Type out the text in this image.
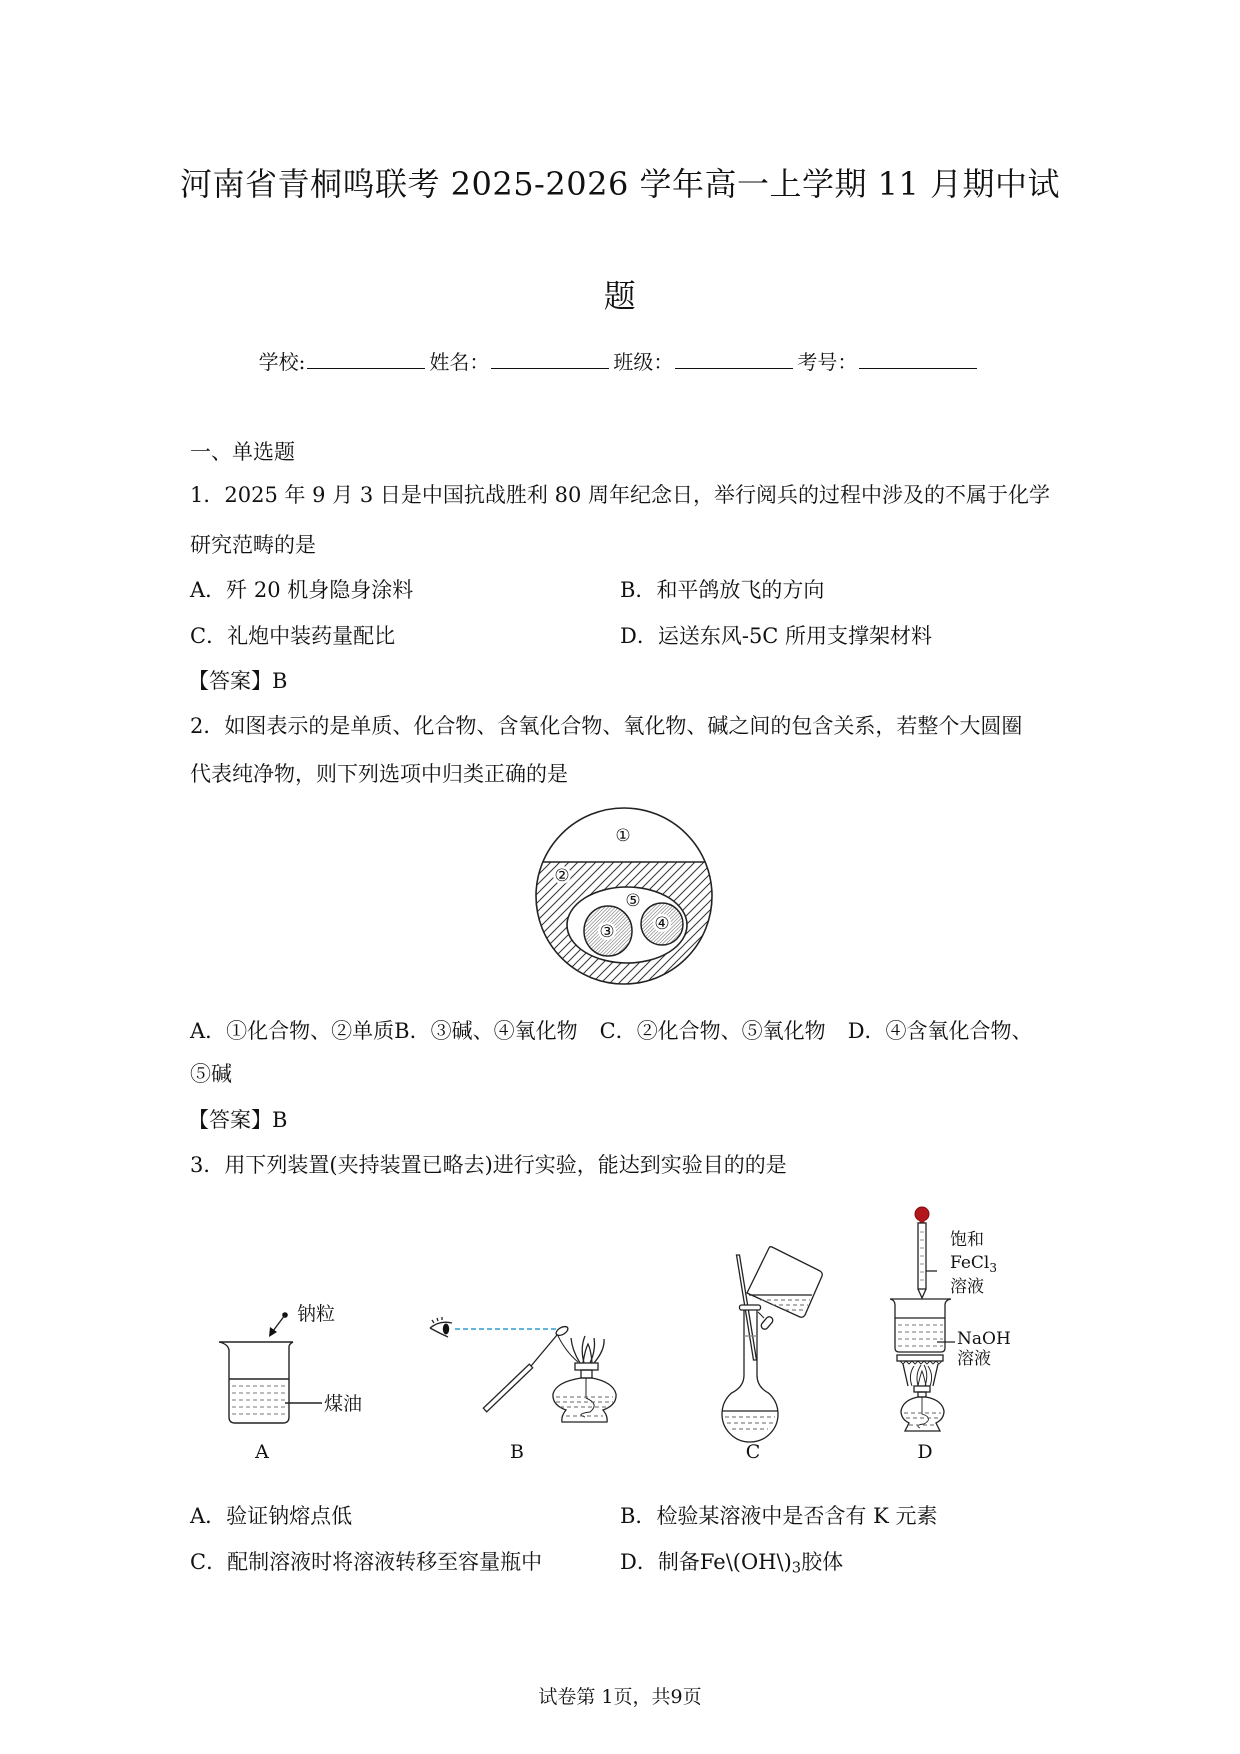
河南省青桐鸣联考 2025-2026 学年高一上学期 11 月期中试
题
学校:	姓名：	班级：	考号：
一、单选题
1．2025 年 9 月 3 日是中国抗战胜利 80 周年纪念日，举行阅兵的过程中涉及的不属于化学
研究范畴的是
A．歼 20 机身隐身涂料	B．和平鸽放飞的方向
C．礼炮中装药量配比	D．运送东风-5C 所用支撑架材料
【答案】B
2．如图表示的是单质、化合物、含氧化合物、氧化物、碱之间的包含关系，若整个大圆圈
代表纯净物，则下列选项中归类正确的是
A．①化合物、②单质B．③碱、④氧化物 C．②化合物、⑤氧化物 D．④含氧化合物、⑤碱
【答案】B
3．用下列装置(夹持装置已略去)进行实验，能达到实验目的的是
A．验证钠熔点低	B．检验某溶液中是否含有 K 元素
C．配制溶液时将溶液转移至容量瓶中	D．制备$Fe\backslash(OH\backslash)_3$胶体
试卷第 1页，共9页
①
②
③ ④
⑤
钠粒
煤油
A	B	C
饱和
FeCl$_3$
溶液
NaOH
溶液
D
